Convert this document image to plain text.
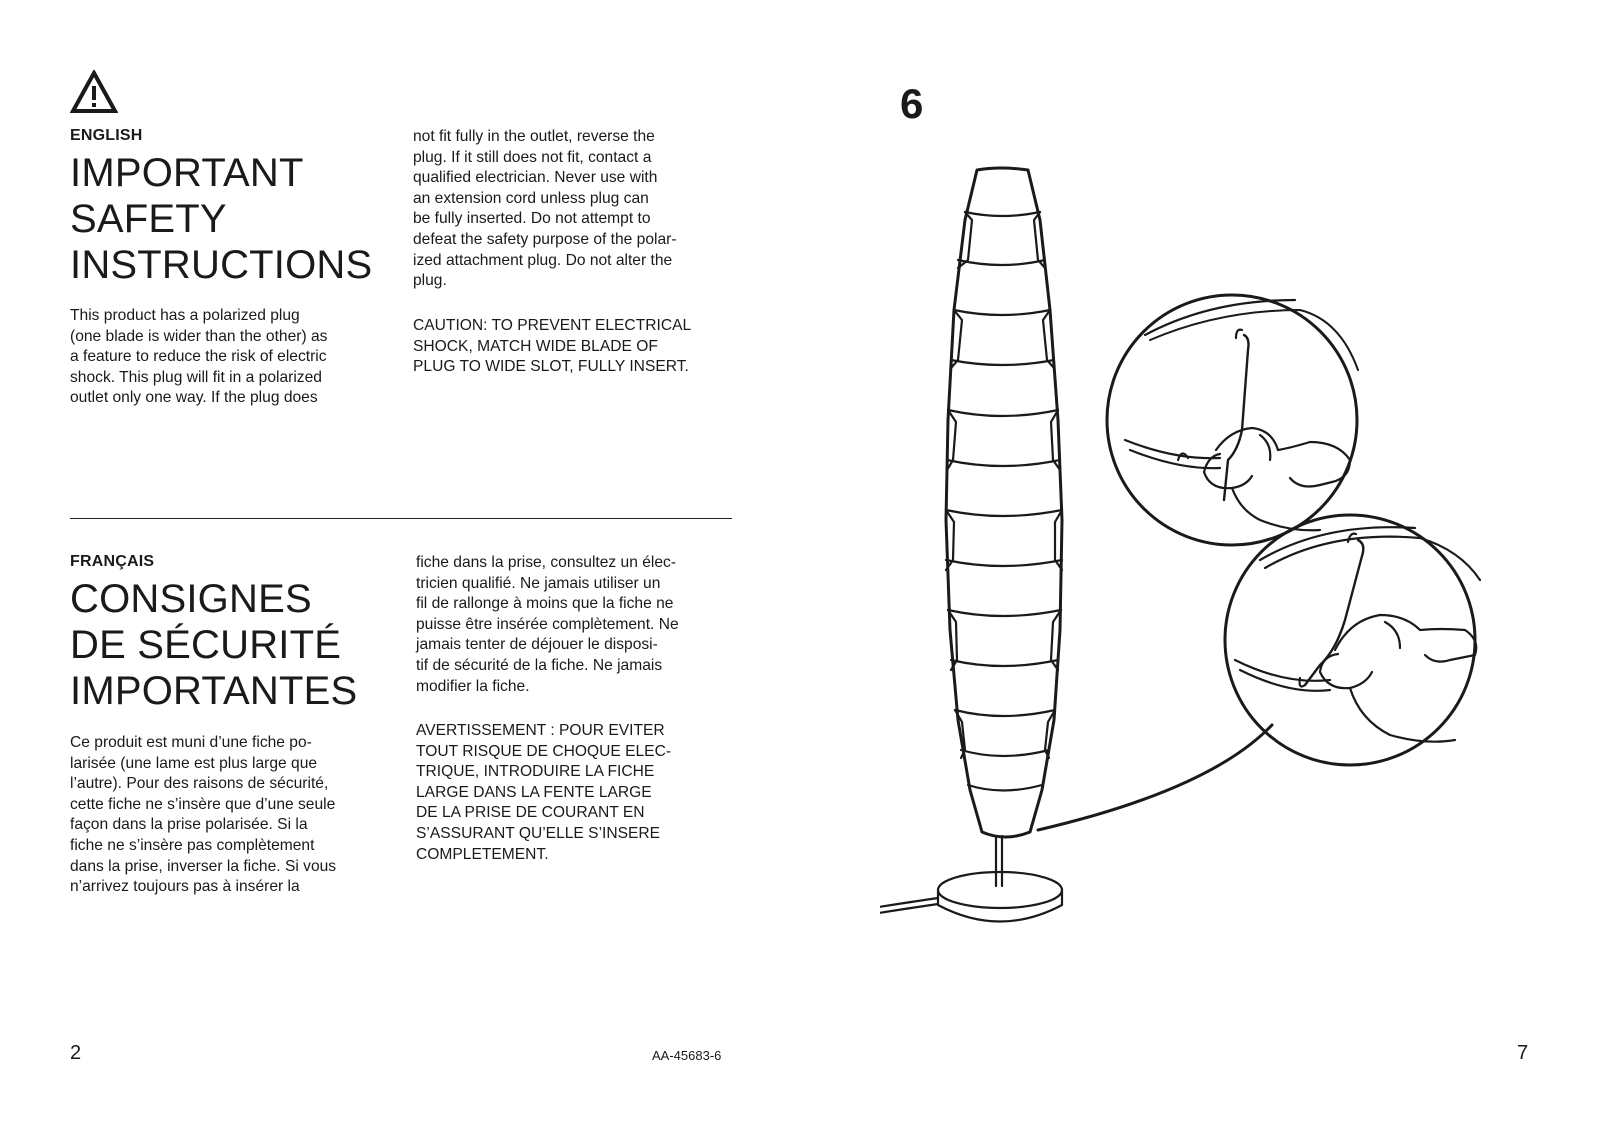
ENGLISH
IMPORTANT
SAFETY
INSTRUCTIONS

This product has a polarized plug
(one blade is wider than the other) as
a feature to reduce the risk of electric
shock. This plug will fit in a polarized
outlet only one way. If the plug does

not fit fully in the outlet, reverse the
plug. If it still does not fit, contact a
qualified electrician. Never use with
an extension cord unless plug can
be fully inserted. Do not attempt to
defeat the safety purpose of the polar-
ized attachment plug. Do not alter the
plug.

CAUTION: TO PREVENT ELECTRICAL
SHOCK, MATCH WIDE BLADE OF
PLUG TO WIDE SLOT, FULLY INSERT.

FRANÇAIS
CONSIGNES
DE SÉCURITÉ
IMPORTANTES

Ce produit est muni d’une fiche po-
larisée (une lame est plus large que
l’autre). Pour des raisons de sécurité,
cette fiche ne s’insère que d’une seule
façon dans la prise polarisée. Si la
fiche ne s’insère pas complètement
dans la prise, inverser la fiche. Si vous
n’arrivez toujours pas à insérer la

fiche dans la prise, consultez un élec-
tricien qualifié. Ne jamais utiliser un
fil de rallonge à moins que la fiche ne
puisse être insérée complètement. Ne
jamais tenter de déjouer le disposi-
tif de sécurité de la fiche. Ne jamais
modifier la fiche.

AVERTISSEMENT : POUR EVITER
TOUT RISQUE DE CHOQUE ELEC-
TRIQUE, INTRODUIRE LA FICHE
LARGE DANS LA FENTE LARGE
DE LA PRISE DE COURANT EN
S’ASSURANT QU’ELLE S’INSERE
COMPLETEMENT.

6
2	AA-45683-6	7
